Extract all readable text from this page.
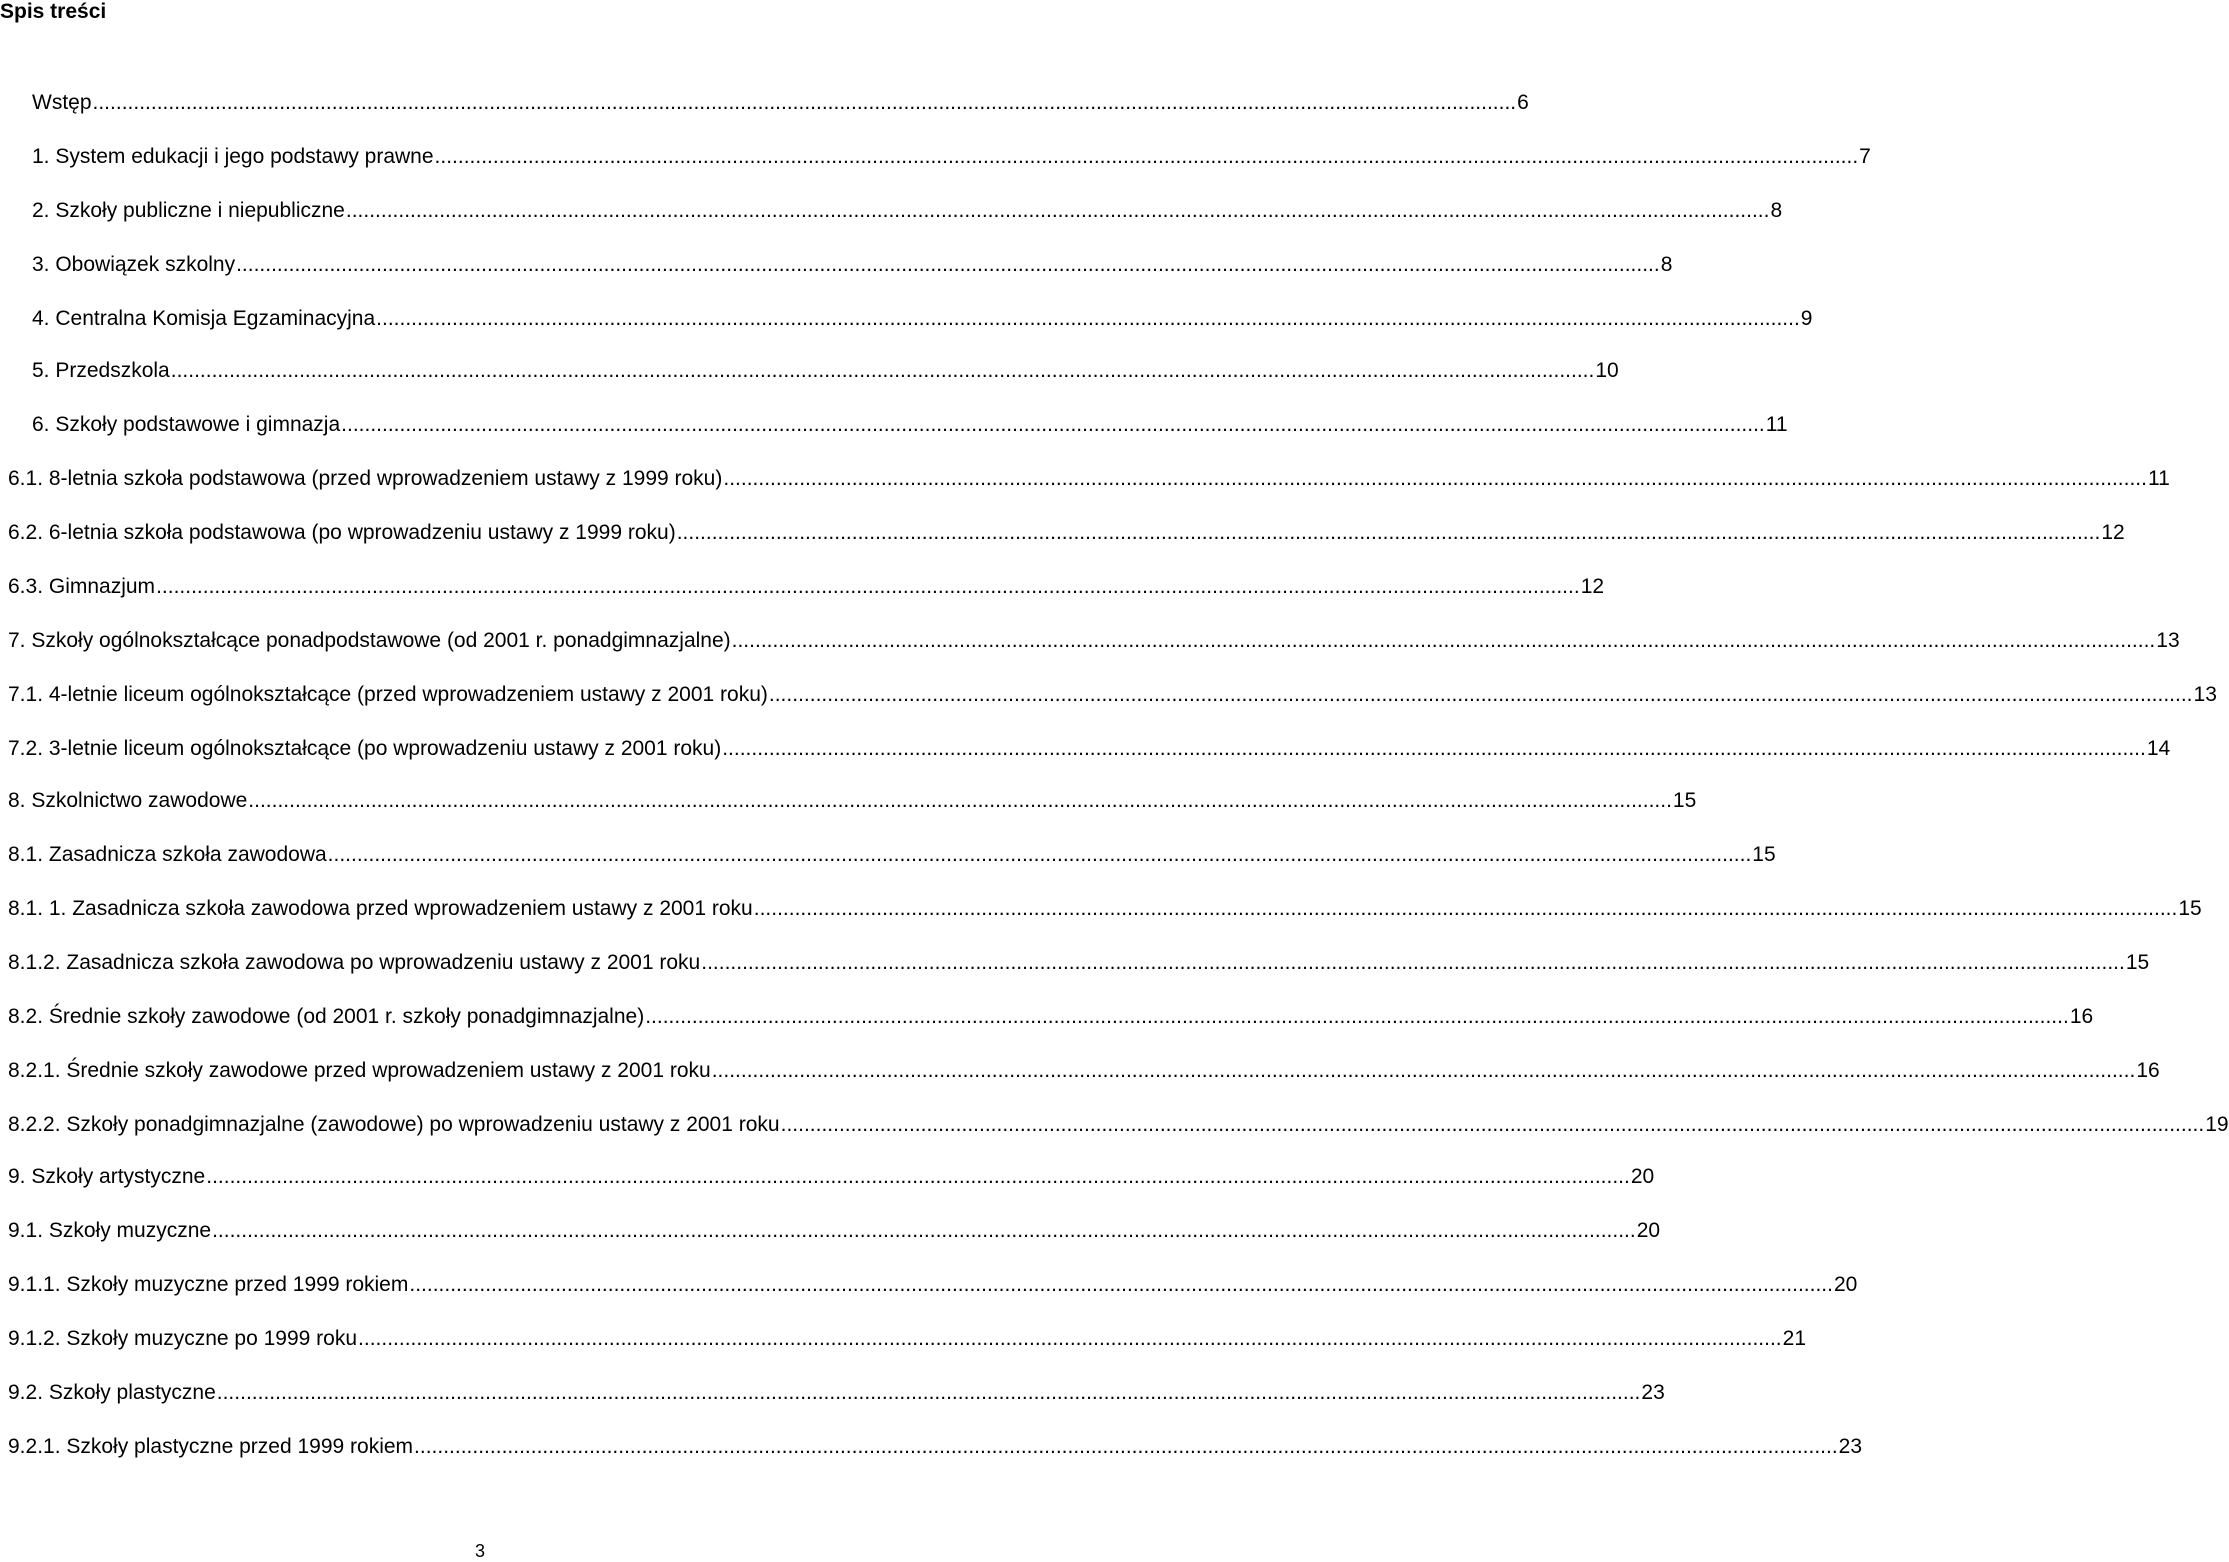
Spis treści
Wstęp .................................................................................................................................................................................................................................................... 6
1. System edukacji i jego podstawy prawne .................................................................................................................................................................................................................................................... 7
2. Szkoły publiczne i niepubliczne .................................................................................................................................................................................................................................................... 8
3. Obowiązek szkolny .................................................................................................................................................................................................................................................... 8
4. Centralna Komisja Egzaminacyjna .................................................................................................................................................................................................................................................... 9
5. Przedszkola .................................................................................................................................................................................................................................................... 10
6. Szkoły podstawowe i gimnazja .................................................................................................................................................................................................................................................... 11
6.1. 8-letnia szkoła podstawowa (przed wprowadzeniem ustawy z 1999 roku) .................................................................................................................................................................................................................................................... 11
6.2. 6-letnia szkoła podstawowa (po wprowadzeniu ustawy z 1999 roku) .................................................................................................................................................................................................................................................... 12
6.3. Gimnazjum .................................................................................................................................................................................................................................................... 12
7. Szkoły ogólnokształcące ponadpodstawowe (od 2001 r. ponadgimnazjalne) .................................................................................................................................................................................................................................................... 13
7.1. 4-letnie liceum ogólnokształcące (przed wprowadzeniem ustawy z 2001 roku) .................................................................................................................................................................................................................................................... 13
7.2. 3-letnie liceum ogólnokształcące (po wprowadzeniu ustawy z 2001 roku) .................................................................................................................................................................................................................................................... 14
8. Szkolnictwo zawodowe .................................................................................................................................................................................................................................................... 15
8.1. Zasadnicza szkoła zawodowa .................................................................................................................................................................................................................................................... 15
8.1. 1. Zasadnicza szkoła zawodowa przed wprowadzeniem ustawy z 2001 roku .................................................................................................................................................................................................................................................... 15
8.1.2. Zasadnicza szkoła zawodowa po wprowadzeniu ustawy z 2001 roku .................................................................................................................................................................................................................................................... 15
8.2. Średnie szkoły zawodowe (od 2001 r. szkoły ponadgimnazjalne) .................................................................................................................................................................................................................................................... 16
8.2.1. Średnie szkoły zawodowe przed wprowadzeniem ustawy z 2001 roku .................................................................................................................................................................................................................................................... 16
8.2.2. Szkoły ponadgimnazjalne (zawodowe) po wprowadzeniu ustawy z 2001 roku .................................................................................................................................................................................................................................................... 19
9. Szkoły artystyczne .................................................................................................................................................................................................................................................... 20
9.1. Szkoły muzyczne .................................................................................................................................................................................................................................................... 20
9.1.1. Szkoły muzyczne przed 1999 rokiem .................................................................................................................................................................................................................................................... 20
9.1.2. Szkoły muzyczne po 1999 roku .................................................................................................................................................................................................................................................... 21
9.2. Szkoły plastyczne .................................................................................................................................................................................................................................................... 23
9.2.1. Szkoły plastyczne przed 1999 rokiem .................................................................................................................................................................................................................................................... 23
3
